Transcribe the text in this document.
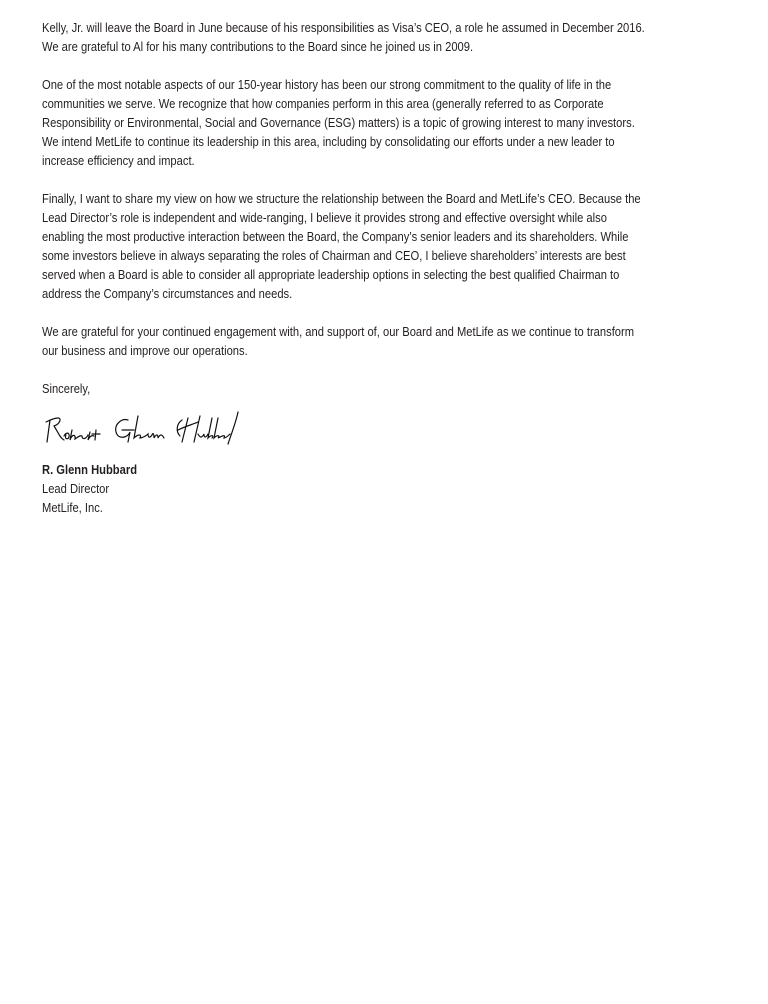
Kelly, Jr. will leave the Board in June because of his responsibilities as Visa’s CEO, a role he assumed in December 2016.
We are grateful to Al for his many contributions to the Board since he joined us in 2009.
One of the most notable aspects of our 150-year history has been our strong commitment to the quality of life in the
communities we serve. We recognize that how companies perform in this area (generally referred to as Corporate
Responsibility or Environmental, Social and Governance (ESG) matters) is a topic of growing interest to many investors.
We intend MetLife to continue its leadership in this area, including by consolidating our efforts under a new leader to
increase efficiency and impact.
Finally, I want to share my view on how we structure the relationship between the Board and MetLife’s CEO. Because the
Lead Director’s role is independent and wide-ranging, I believe it provides strong and effective oversight while also
enabling the most productive interaction between the Board, the Company’s senior leaders and its shareholders. While
some investors believe in always separating the roles of Chairman and CEO, I believe shareholders’ interests are best
served when a Board is able to consider all appropriate leadership options in selecting the best qualified Chairman to
address the Company’s circumstances and needs.
We are grateful for your continued engagement with, and support of, our Board and MetLife as we continue to transform
our business and improve our operations.
Sincerely,
R. Glenn Hubbard
Lead Director
MetLife, Inc.
